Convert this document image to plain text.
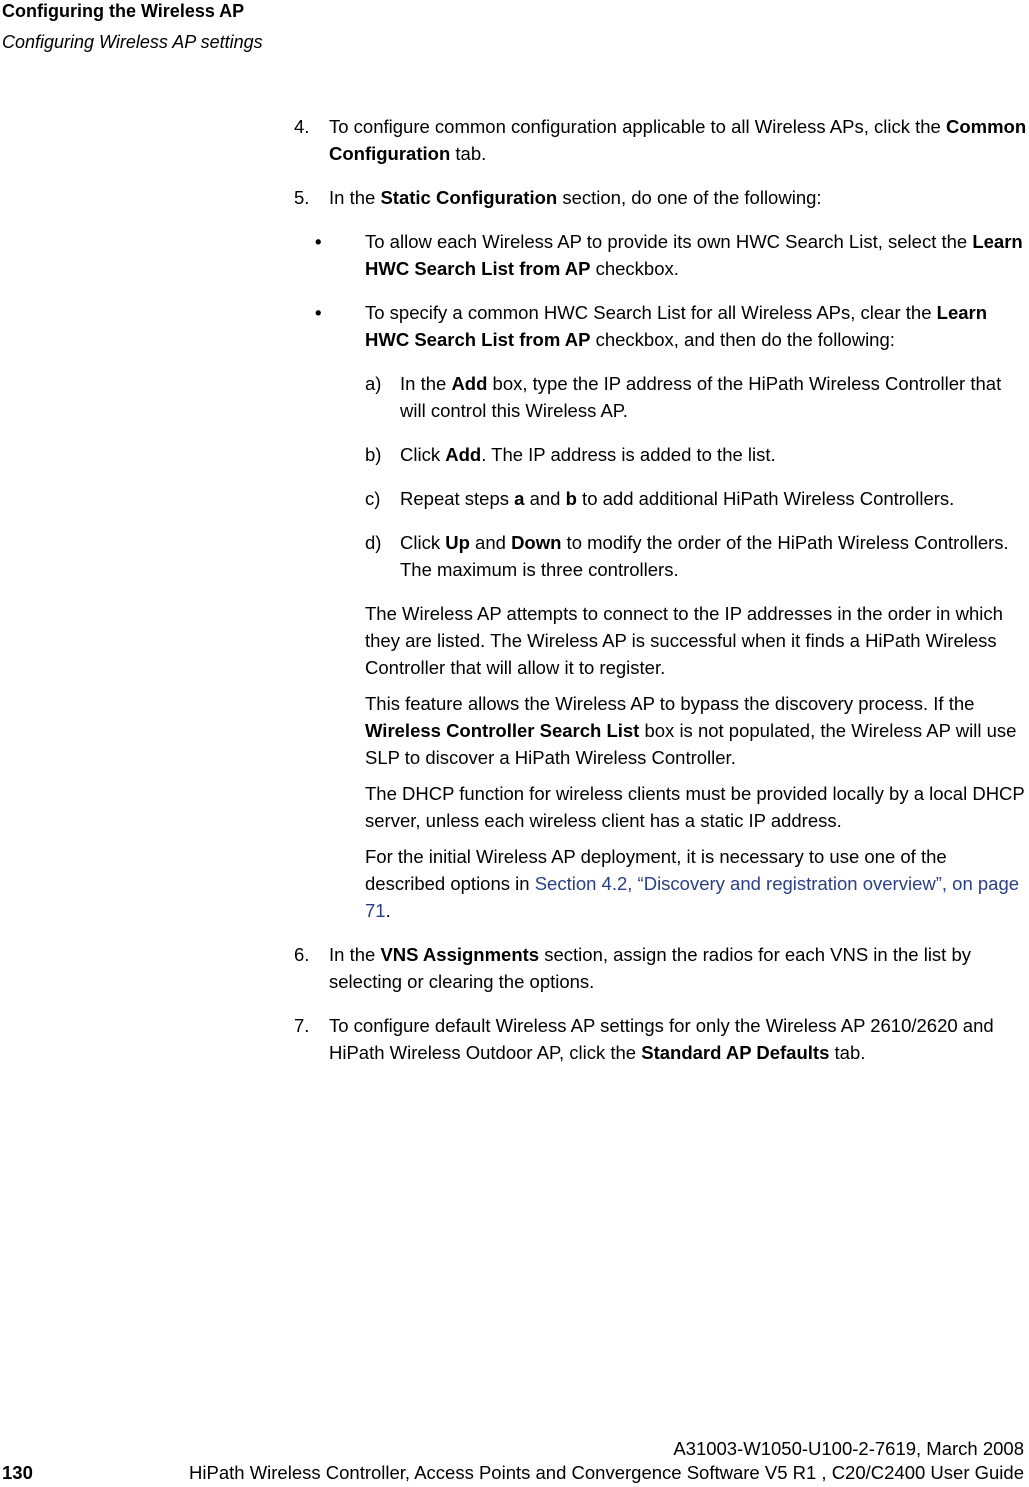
Configuring the Wireless AP
Configuring Wireless AP settings
4. To configure common configuration applicable to all Wireless APs, click the Common Configuration tab.
5. In the Static Configuration section, do one of the following:
• To allow each Wireless AP to provide its own HWC Search List, select the Learn HWC Search List from AP checkbox.
• To specify a common HWC Search List for all Wireless APs, clear the Learn HWC Search List from AP checkbox, and then do the following:
a) In the Add box, type the IP address of the HiPath Wireless Controller that will control this Wireless AP.
b) Click Add. The IP address is added to the list.
c) Repeat steps a and b to add additional HiPath Wireless Controllers.
d) Click Up and Down to modify the order of the HiPath Wireless Controllers. The maximum is three controllers.
The Wireless AP attempts to connect to the IP addresses in the order in which they are listed. The Wireless AP is successful when it finds a HiPath Wireless Controller that will allow it to register.
This feature allows the Wireless AP to bypass the discovery process. If the Wireless Controller Search List box is not populated, the Wireless AP will use SLP to discover a HiPath Wireless Controller.
The DHCP function for wireless clients must be provided locally by a local DHCP server, unless each wireless client has a static IP address.
For the initial Wireless AP deployment, it is necessary to use one of the described options in Section 4.2, “Discovery and registration overview”, on page 71.
6. In the VNS Assignments section, assign the radios for each VNS in the list by selecting or clearing the options.
7. To configure default Wireless AP settings for only the Wireless AP 2610/2620 and HiPath Wireless Outdoor AP, click the Standard AP Defaults tab.
A31003-W1050-U100-2-7619, March 2008
130	HiPath Wireless Controller, Access Points and Convergence Software V5 R1 , C20/C2400 User Guide
